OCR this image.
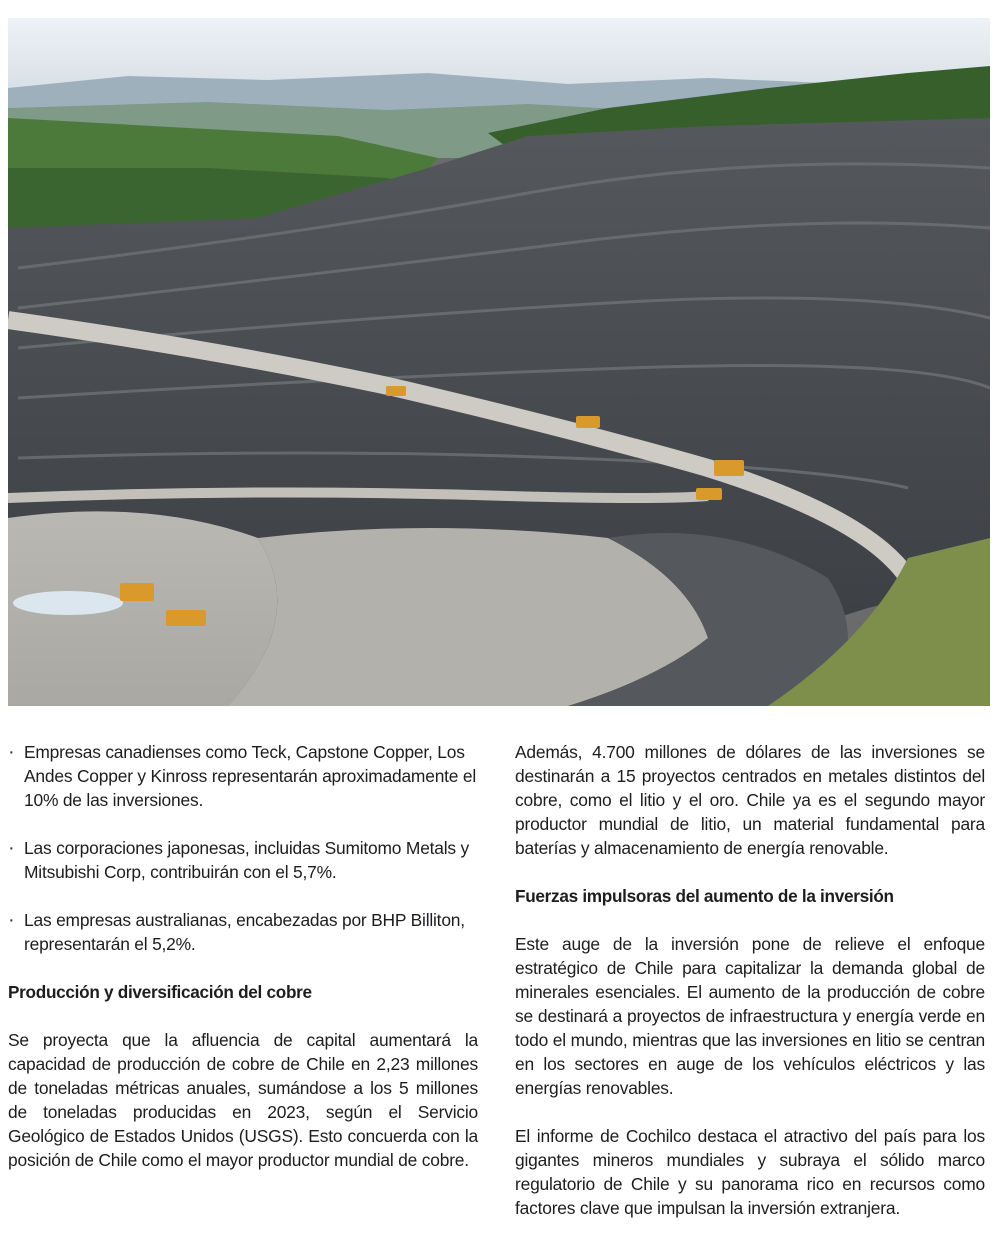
· Empresas canadienses como Teck, Capstone Copper, Los Andes Copper y Kinross representarán aproximadamente el 10% de las inversiones.
· Las corporaciones japonesas, incluidas Sumitomo Metals y Mitsubishi Corp, contribuirán con el 5,7%.
· Las empresas australianas, encabezadas por BHP Billiton, representarán el 5,2%.
Producción y diversificación del cobre

Se proyecta que la afluencia de capital aumentará la capacidad de producción de cobre de Chile en 2,23 millones de toneladas métricas anuales, sumándose a los 5 millones de toneladas producidas en 2023, según el Servicio Geológico de Estados Unidos (USGS). Esto concuerda con la posición de Chile como el mayor productor mundial de cobre.

Además, 4.700 millones de dólares de las inversiones se destinarán a 15 proyectos centrados en metales distintos del cobre, como el litio y el oro. Chile ya es el segundo mayor productor mundial de litio, un material fundamental para baterías y almacenamiento de energía renovable.

Fuerzas impulsoras del aumento de la inversión

Este auge de la inversión pone de relieve el enfoque estratégico de Chile para capitalizar la demanda global de minerales esenciales. El aumento de la producción de cobre se destinará a proyectos de infraestructura y energía verde en todo el mundo, mientras que las inversiones en litio se centran en los sectores en auge de los vehículos eléctricos y las energías renovables.

El informe de Cochilco destaca el atractivo del país para los gigantes mineros mundiales y subraya el sólido marco regulatorio de Chile y su panorama rico en recursos como factores clave que impulsan la inversión extranjera.
